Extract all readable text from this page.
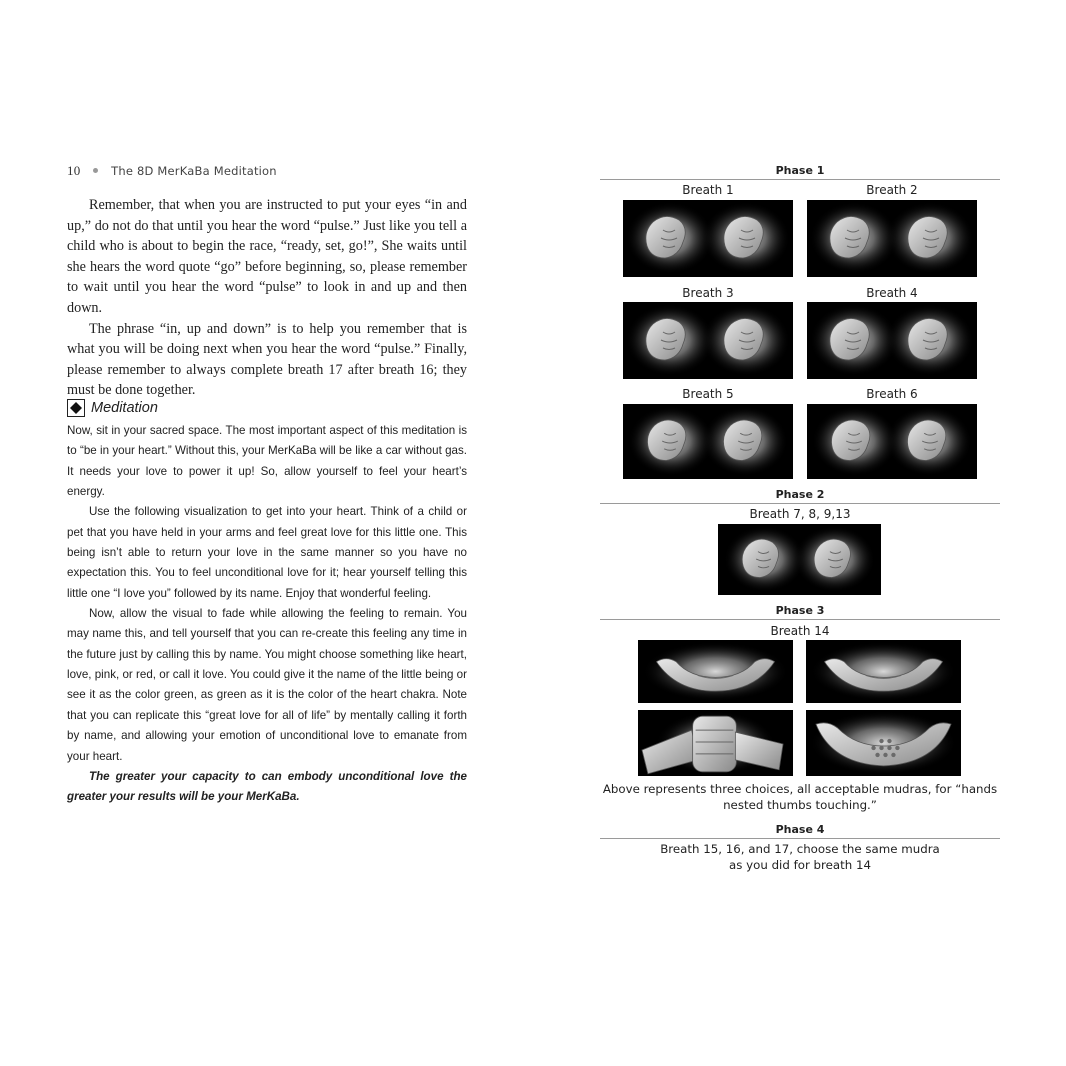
10	The 8D MerKaBa Meditation

Remember, that when you are instructed to put your eyes “in and up,” do not do that until you hear the word “pulse.” Just like you tell a child who is about to begin the race, “ready, set, go!”, She waits until she hears the word quote “go” before beginning, so, please remember to wait until you hear the word “pulse” to look in and up and then down.

The phrase “in, up and down” is to help you remember that is what you will be doing next when you hear the word “pulse.” Finally, please remember to always complete breath 17 after breath 16; they must be done together.

Meditation

Now, sit in your sacred space. The most important aspect of this meditation is to “be in your heart.” Without this, your MerKaBa will be like a car without gas. It needs your love to power it up! So, allow yourself to feel your heart’s energy.

Use the following visualization to get into your heart. Think of a child or pet that you have held in your arms and feel great love for this little one. This being isn’t able to return your love in the same manner so you have no expectation this. You to feel unconditional love for it; hear yourself telling this little one “I love you” followed by its name. Enjoy that wonderful feeling.

Now, allow the visual to fade while allowing the feeling to remain. You may name this, and tell yourself that you can re-create this feeling any time in the future just by calling this by name. You might choose something like heart, love, pink, or red, or call it love. You could give it the name of the little being or see it as the color green, as green as it is the color of the heart chakra. Note that you can replicate this “great love for all of life” by mentally calling it forth by name, and allowing your emotion of unconditional love to emanate from your heart.

The greater your capacity to can embody unconditional love the greater your results will be your MerKaBa.

Phase 1
Breath 1	Breath 2
Breath 3	Breath 4
Breath 5	Breath 6
Phase 2
Breath 7, 8, 9,13
Phase 3
Breath 14
Above represents three choices, all acceptable mudras, for “hands
nested thumbs touching.”
Phase 4
Breath 15, 16, and 17, choose the same mudra
as you did for breath 14
